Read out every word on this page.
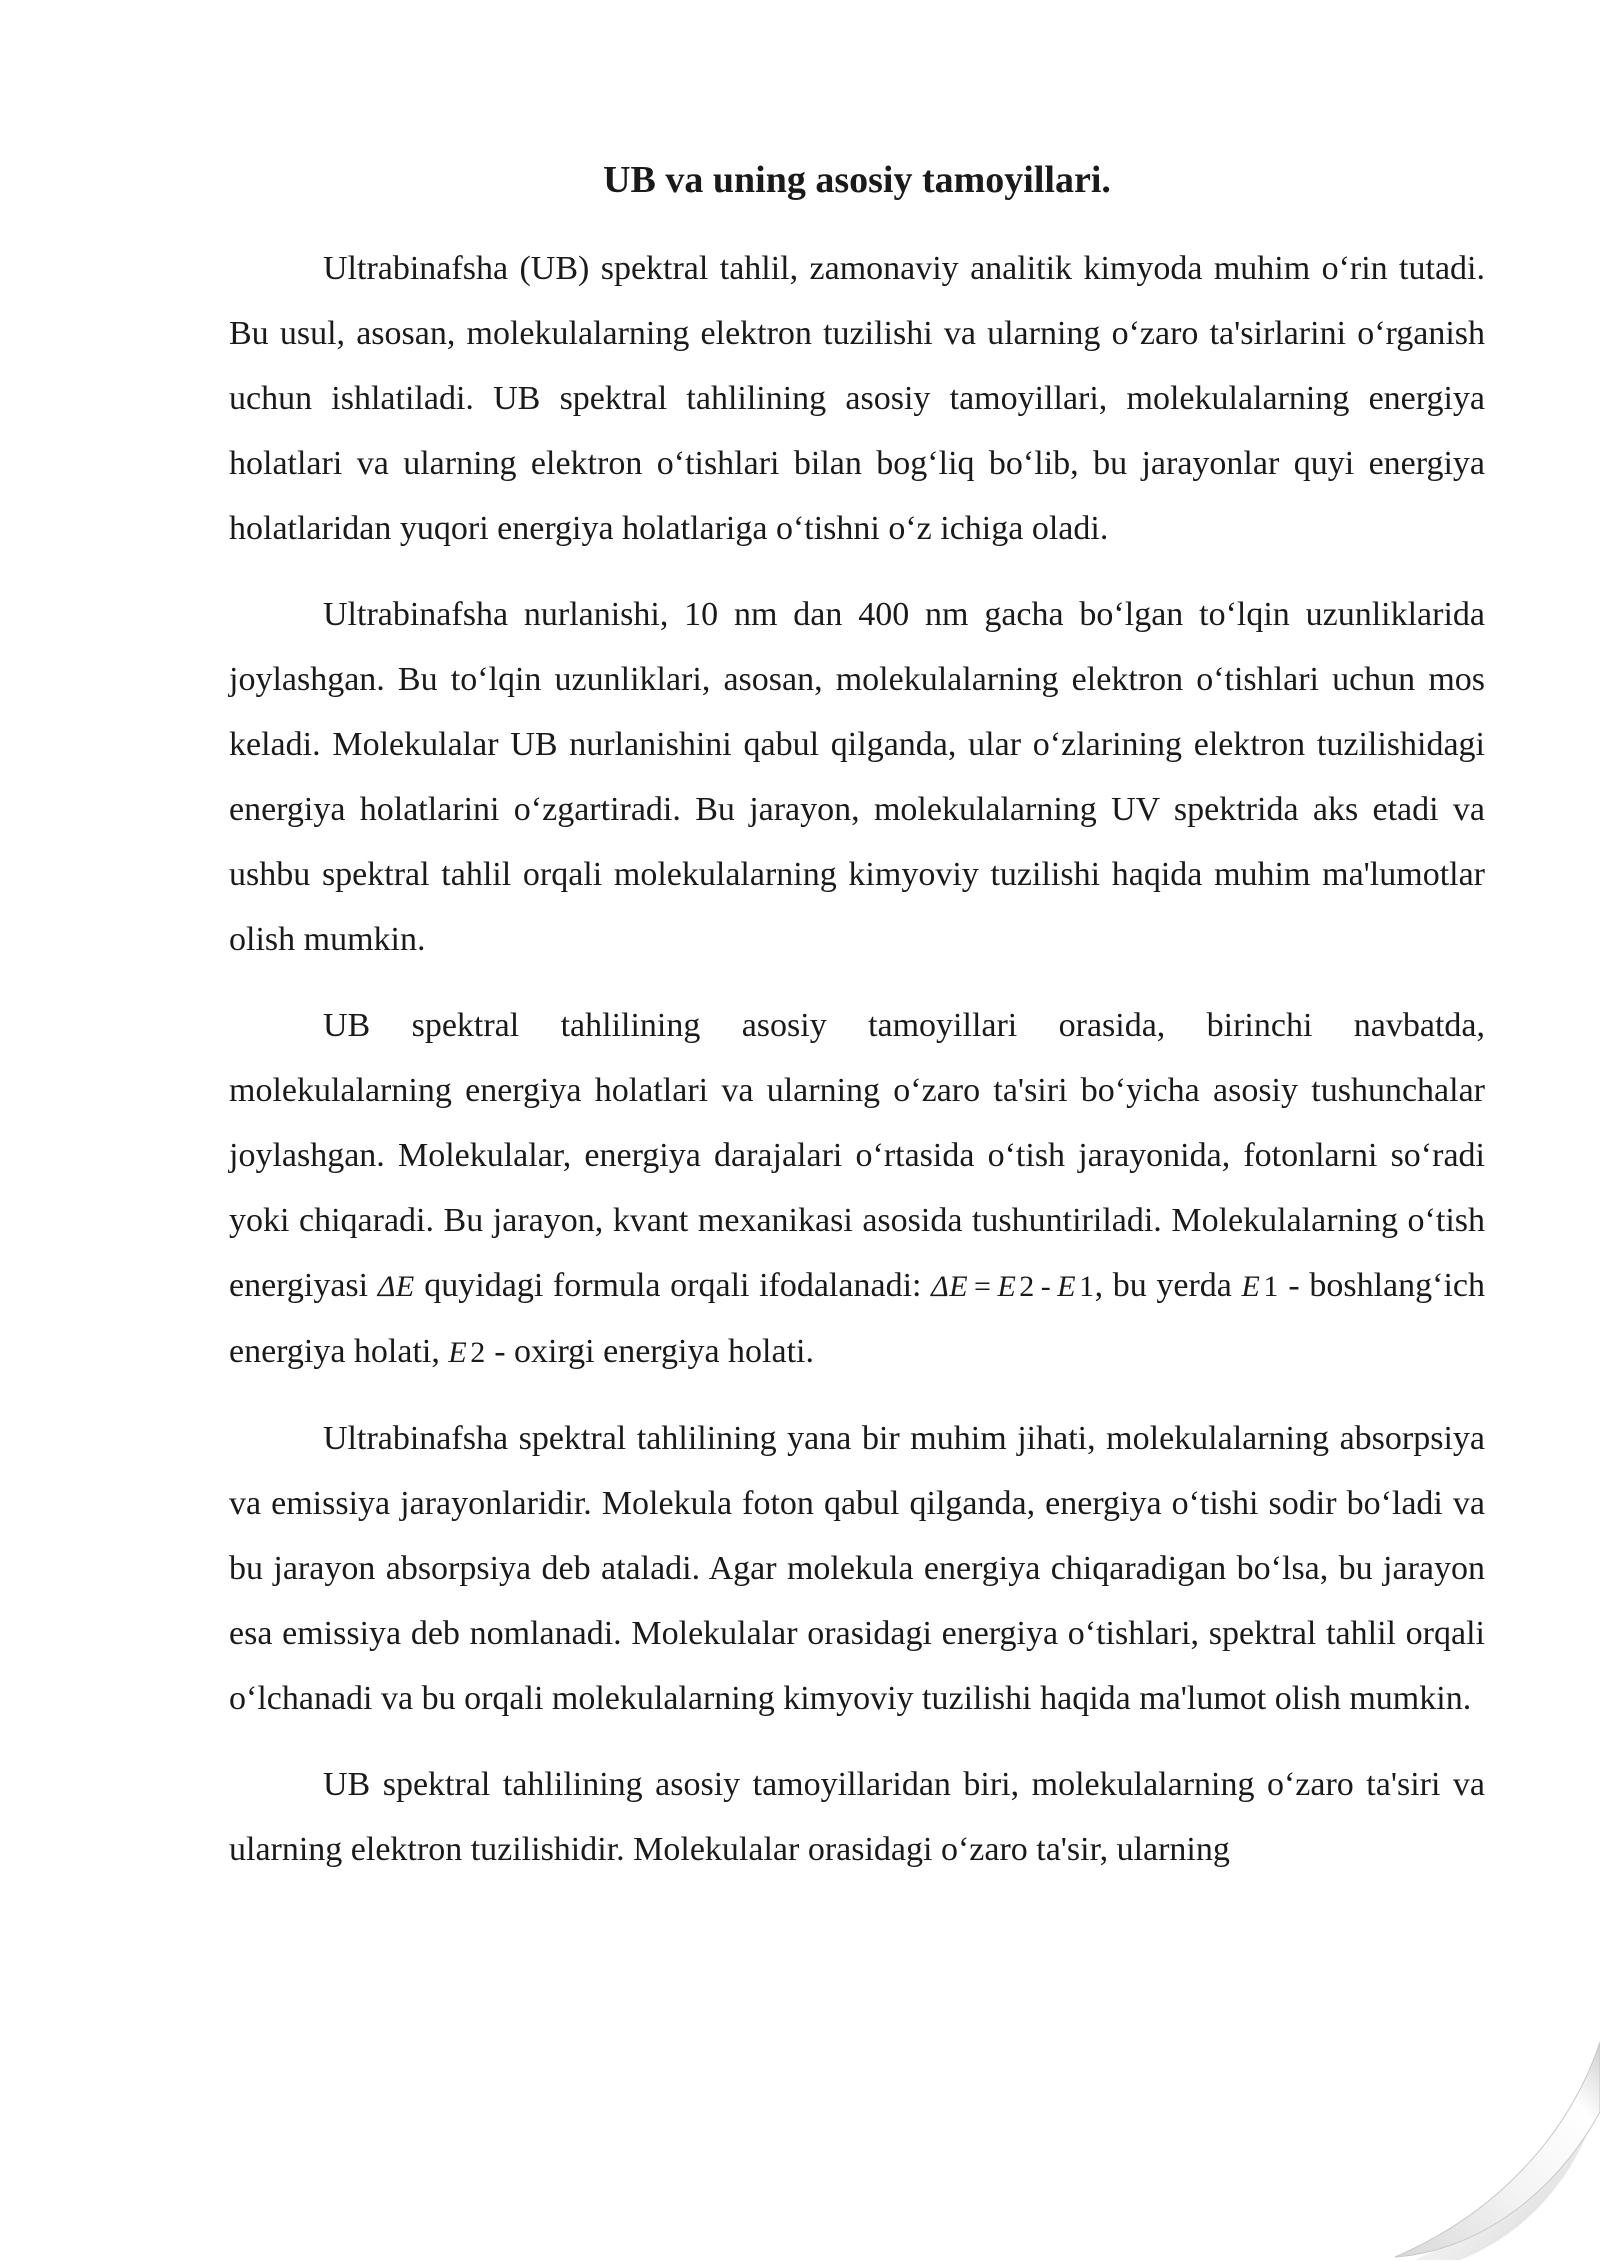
UB va uning asosiy tamoyillari.

Ultrabinafsha (UB) spektral tahlil, zamonaviy analitik kimyoda muhim o‘rin tutadi. Bu usul, asosan, molekulalarning elektron tuzilishi va ularning o‘zaro ta'sirlarini o‘rganish uchun ishlatiladi. UB spektral tahlilining asosiy tamoyillari, molekulalarning energiya holatlari va ularning elektron o‘tishlari bilan bog‘liq bo‘lib, bu jarayonlar quyi energiya holatlaridan yuqori energiya holatlariga o‘tishni o‘z ichiga oladi.

Ultrabinafsha nurlanishi, 10 nm dan 400 nm gacha bo‘lgan to‘lqin uzunliklarida joylashgan. Bu to‘lqin uzunliklari, asosan, molekulalarning elektron o‘tishlari uchun mos keladi. Molekulalar UB nurlanishini qabul qilganda, ular o‘zlarining elektron tuzilishidagi energiya holatlarini o‘zgartiradi. Bu jarayon, molekulalarning UV spektrida aks etadi va ushbu spektral tahlil orqali molekulalarning kimyoviy tuzilishi haqida muhim ma'lumotlar olish mumkin.

UB spektral tahlilining asosiy tamoyillari orasida, birinchi navbatda, molekulalarning energiya holatlari va ularning o‘zaro ta'siri bo‘yicha asosiy tushunchalar joylashgan. Molekulalar, energiya darajalari o‘rtasida o‘tish jarayonida, fotonlarni so‘radi yoki chiqaradi. Bu jarayon, kvant mexanikasi asosida tushuntiriladi. Molekulalarning o‘tish energiyasi ΔE quyidagi formula orqali ifodalanadi: ΔE = E 2 - E 1, bu yerda E 1 - boshlang‘ich energiya holati, E 2 - oxirgi energiya holati.

Ultrabinafsha spektral tahlilining yana bir muhim jihati, molekulalarning absorpsiya va emissiya jarayonlaridir. Molekula foton qabul qilganda, energiya o‘tishi sodir bo‘ladi va bu jarayon absorpsiya deb ataladi. Agar molekula energiya chiqaradigan bo‘lsa, bu jarayon esa emissiya deb nomlanadi. Molekulalar orasidagi energiya o‘tishlari, spektral tahlil orqali o‘lchanadi va bu orqali molekulalarning kimyoviy tuzilishi haqida ma'lumot olish mumkin.

UB spektral tahlilining asosiy tamoyillaridan biri, molekulalarning o‘zaro ta'siri va ularning elektron tuzilishidir. Molekulalar orasidagi o‘zaro ta'sir, ularning
